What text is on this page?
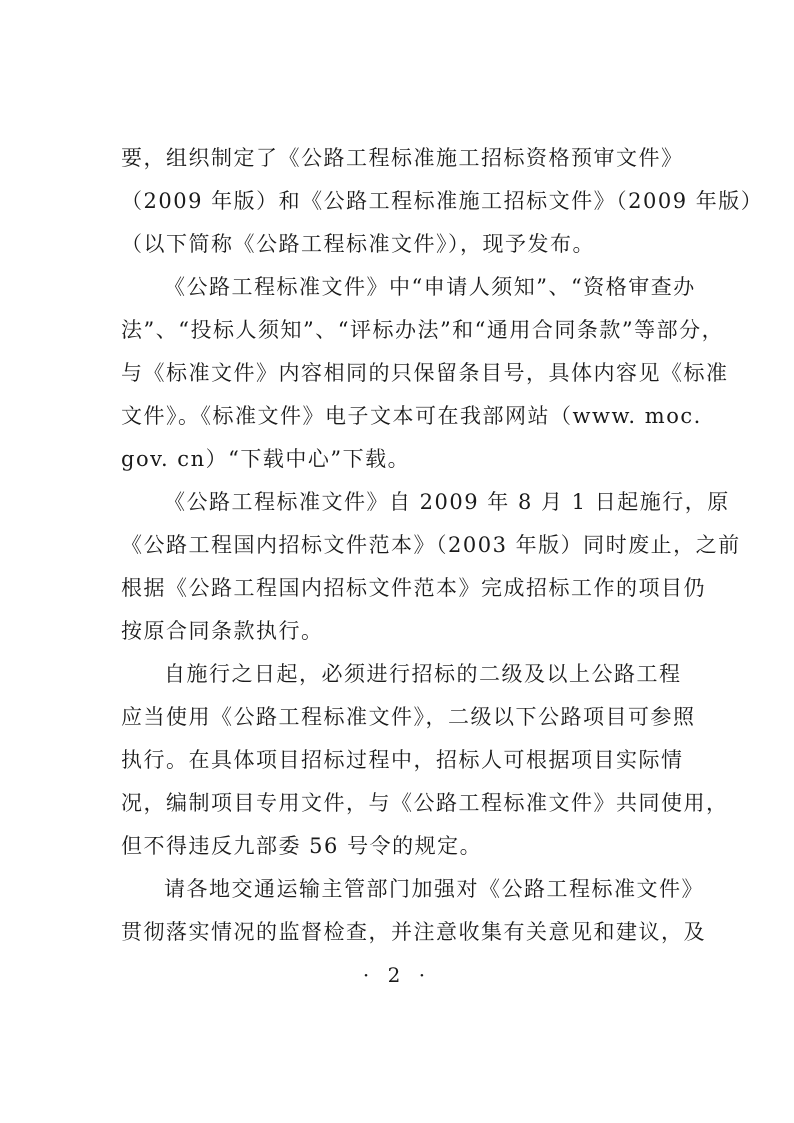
要，组织制定了《公路工程标准施工招标资格预审文件》
（2009 年版）和《公路工程标准施工招标文件》（2009 年版）
（以下简称《公路工程标准文件》），现予发布。
《公路工程标准文件》中“申请人须知”、“资格审查办
法”、“投标人须知”、“评标办法”和“通用合同条款”等部分，
与《标准文件》内容相同的只保留条目号，具体内容见《标准
文件》。《标准文件》电子文本可在我部网站（www. moc.
gov. cn）“下载中心”下载。
《公路工程标准文件》自 2009 年 8 月 1 日起施行，原
《公路工程国内招标文件范本》（2003 年版）同时废止，之前
根据《公路工程国内招标文件范本》完成招标工作的项目仍
按原合同条款执行。
自施行之日起，必须进行招标的二级及以上公路工程
应当使用《公路工程标准文件》，二级以下公路项目可参照
执行。在具体项目招标过程中，招标人可根据项目实际情
况，编制项目专用文件，与《公路工程标准文件》共同使用，
但不得违反九部委 56 号令的规定。
请各地交通运输主管部门加强对《公路工程标准文件》
贯彻落实情况的监督检查，并注意收集有关意见和建议，及
· 2 ·
